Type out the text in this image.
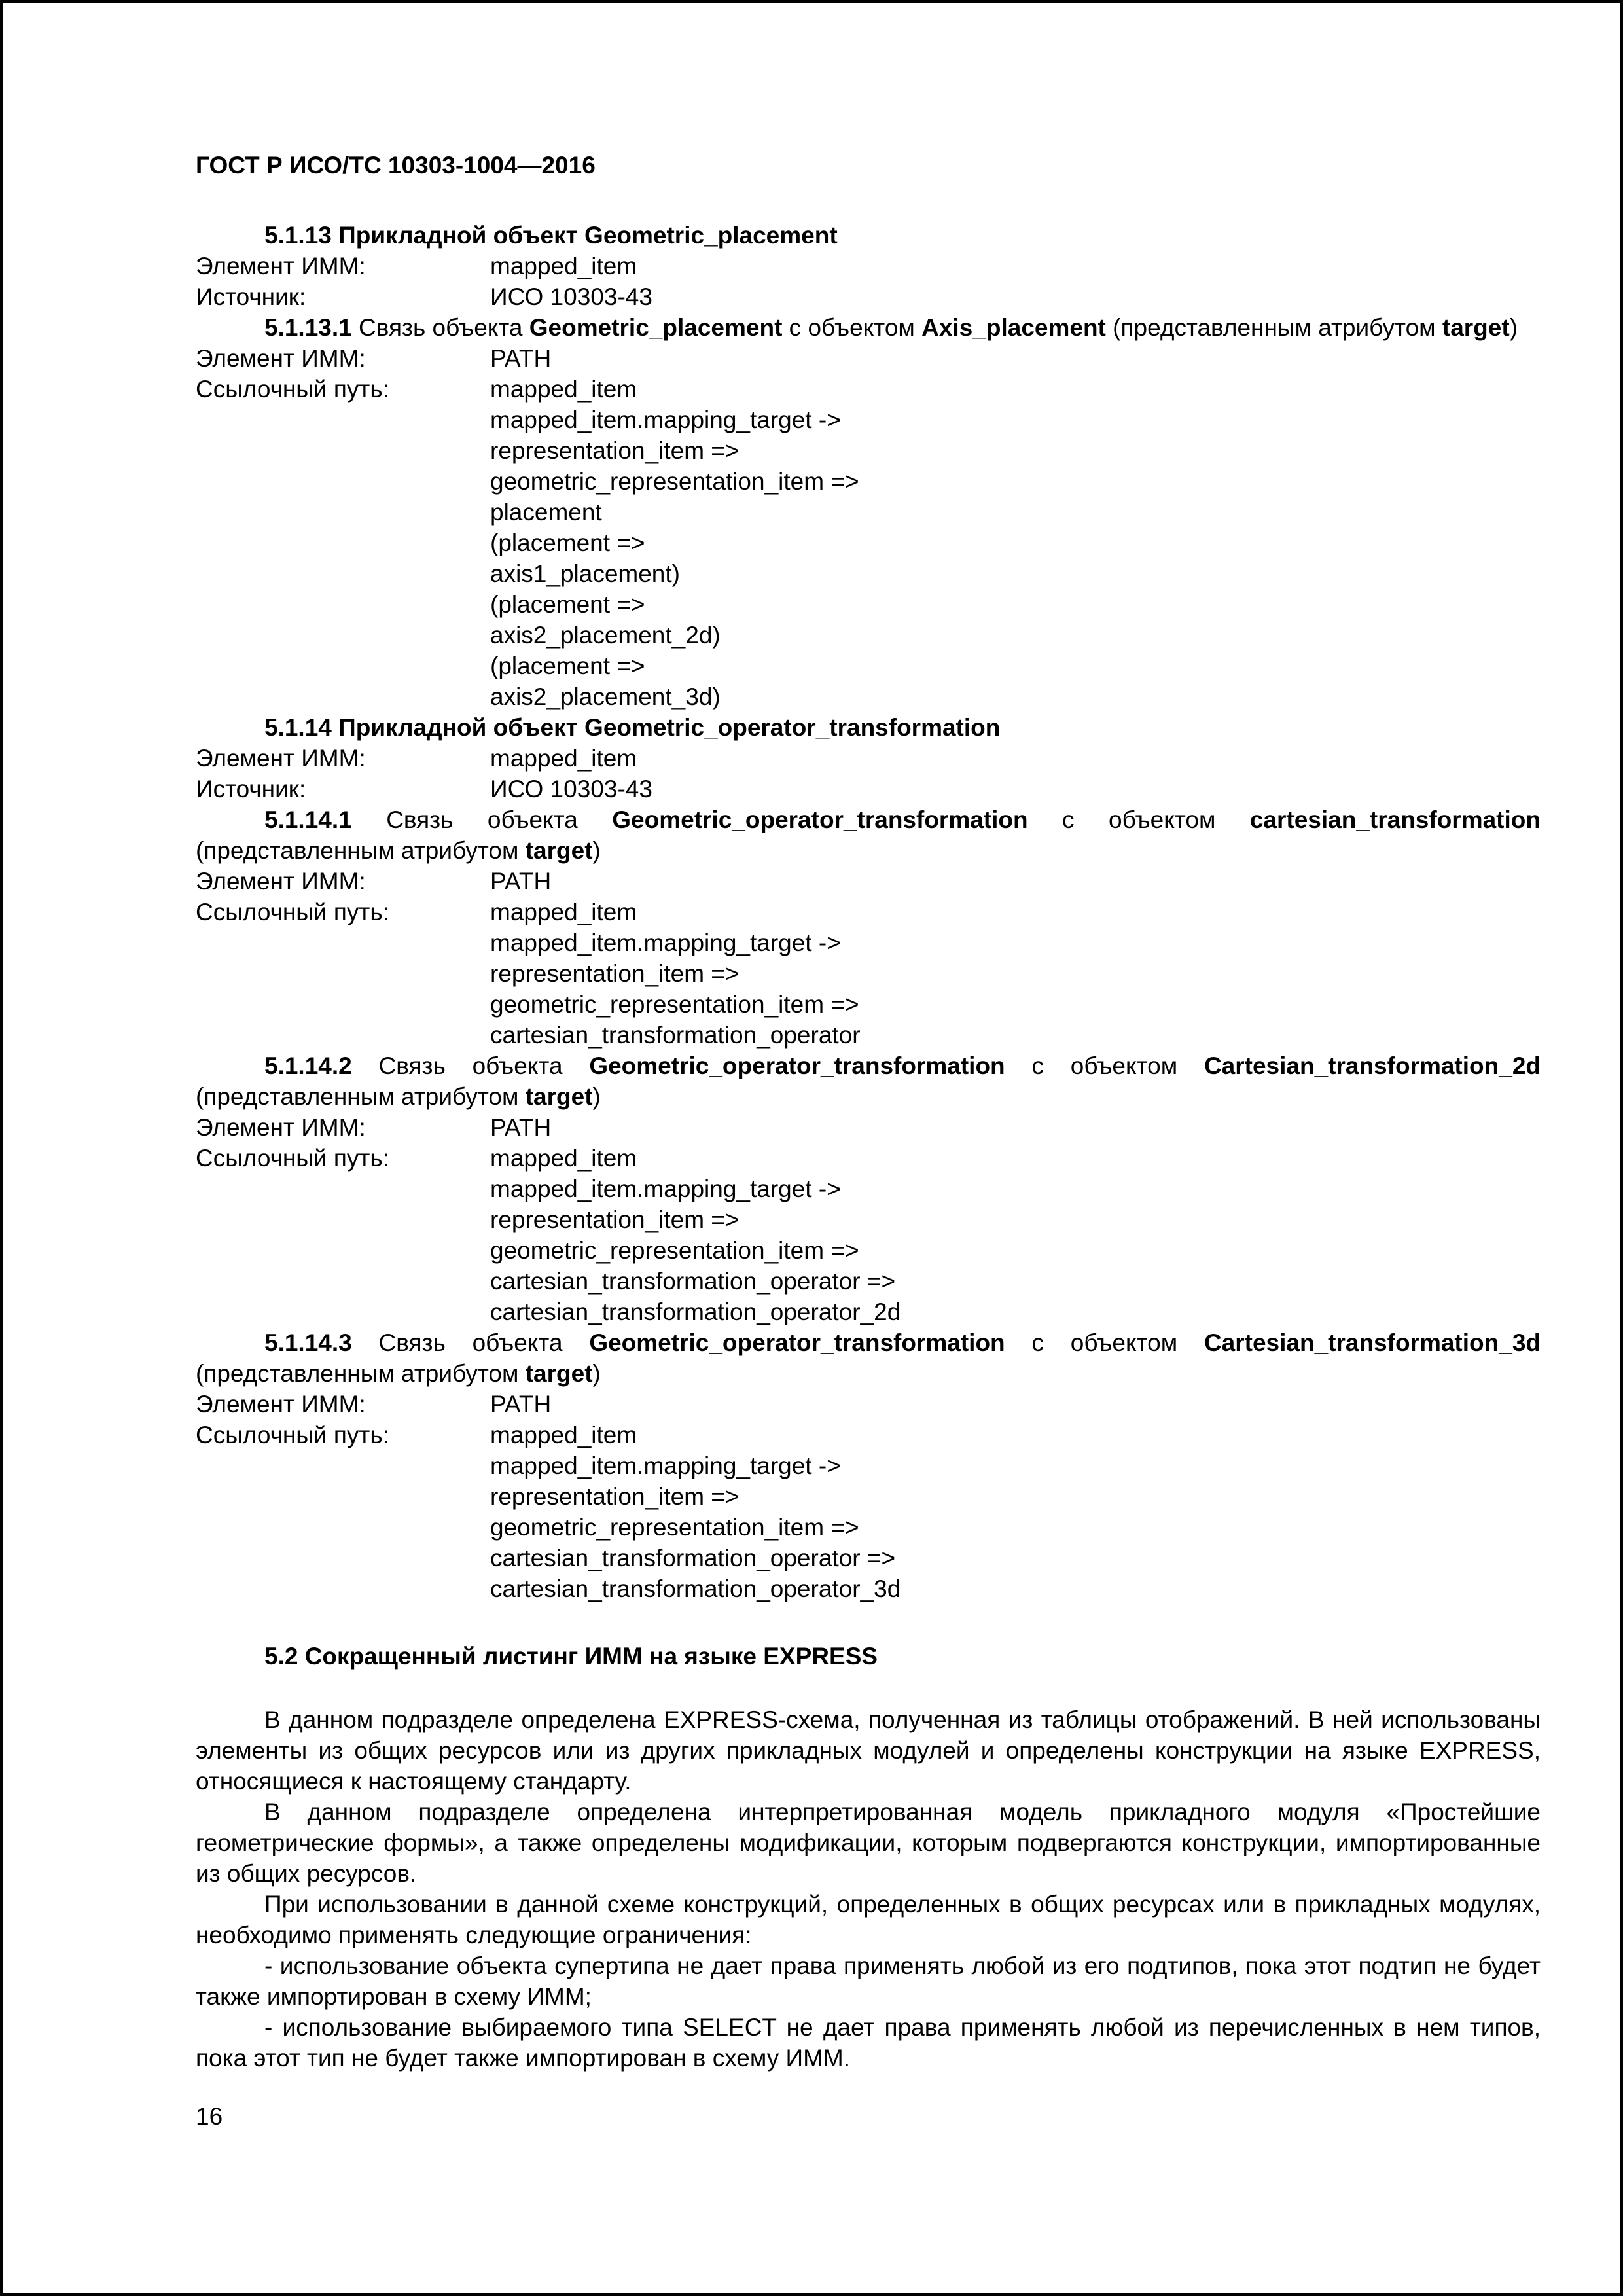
ГОСТ Р ИСО/ТС 10303-1004—2016

5.1.13 Прикладной объект Geometric_placement

Элемент ИММ:	mapped_item
Источник:	ИСО 10303-43

5.1.13.1 Связь объекта Geometric_placement с объектом Axis_placement (представленным атрибутом target)

Элемент ИММ:	PATH
Ссылочный путь:	mapped_item
mapped_item.mapping_target ->
representation_item =>
geometric_representation_item =>
placement
(placement =>
axis1_placement)
(placement =>
axis2_placement_2d)
(placement =>
axis2_placement_3d)

5.1.14 Прикладной объект Geometric_operator_transformation

Элемент ИММ:	mapped_item
Источник:	ИСО 10303-43

5.1.14.1 Связь объекта Geometric_operator_transformation с объектом cartesian_transformation (представленным атрибутом target)

Элемент ИММ:	PATH
Ссылочный путь:	mapped_item
mapped_item.mapping_target ->
representation_item =>
geometric_representation_item =>
cartesian_transformation_operator

5.1.14.2 Связь объекта Geometric_operator_transformation с объектом Cartesian_transformation_2d (представленным атрибутом target)

Элемент ИММ:	PATH
Ссылочный путь:	mapped_item
mapped_item.mapping_target ->
representation_item =>
geometric_representation_item =>
cartesian_transformation_operator =>
cartesian_transformation_operator_2d

5.1.14.3 Связь объекта Geometric_operator_transformation с объектом Cartesian_transformation_3d (представленным атрибутом target)

Элемент ИММ:	PATH
Ссылочный путь:	mapped_item
mapped_item.mapping_target ->
representation_item =>
geometric_representation_item =>
cartesian_transformation_operator =>
cartesian_transformation_operator_3d

5.2 Сокращенный листинг ИММ на языке EXPRESS

В данном подразделе определена EXPRESS-схема, полученная из таблицы отображений. В ней использованы элементы из общих ресурсов или из других прикладных модулей и определены конструкции на языке EXPRESS, относящиеся к настоящему стандарту.

В данном подразделе определена интерпретированная модель прикладного модуля «Простейшие геометрические формы», а также определены модификации, которым подвергаются конструкции, импортированные из общих ресурсов.

При использовании в данной схеме конструкций, определенных в общих ресурсах или в прикладных модулях, необходимо применять следующие ограничения:

- использование объекта супертипа не дает права применять любой из его подтипов, пока этот подтип не будет также импортирован в схему ИММ;

- использование выбираемого типа SELECT не дает права применять любой из перечисленных в нем типов, пока этот тип не будет также импортирован в схему ИММ.

16
